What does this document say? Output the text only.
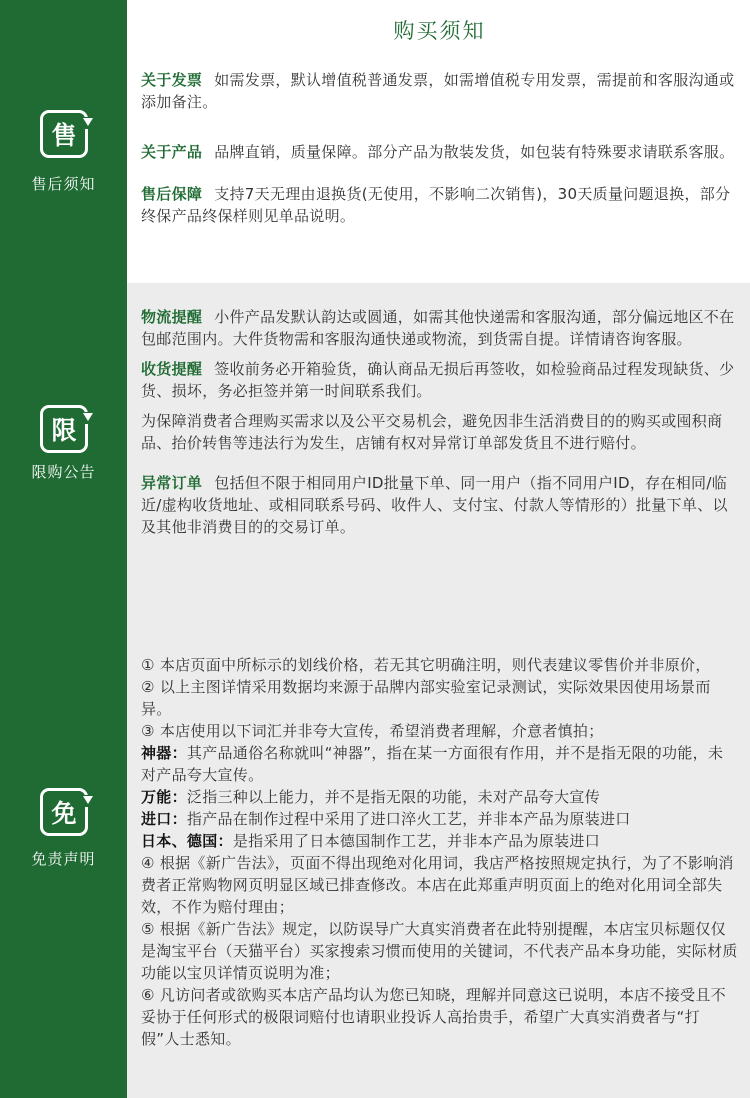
售
售后须知
购买须知
关于发票 如需发票，默认增值税普通发票，如需增值税专用发票，需提前和客服沟通或添加备注。
关于产品 品牌直销，质量保障。部分产品为散装发货，如包装有特殊要求请联系客服。
售后保障 支持7天无理由退换货(无使用，不影响二次销售)，30天质量问题退换，部分终保产品终保样则见单品说明。
限
限购公告
物流提醒 小件产品发默认韵达或圆通，如需其他快递需和客服沟通，部分偏远地区不在包邮范围内。大件货物需和客服沟通快递或物流，到货需自提。详情请咨询客服。
收货提醒 签收前务必开箱验货，确认商品无损后再签收，如检验商品过程发现缺货、少货、损坏，务必拒签并第一时间联系我们。
为保障消费者合理购买需求以及公平交易机会，避免因非生活消费目的的购买或囤积商品、抬价转售等违法行为发生，店铺有权对异常订单部发货且不进行赔付。
异常订单 包括但不限于相同用户ID批量下单、同一用户（指不同用户ID，存在相同/临近/虚构收货地址、或相同联系号码、收件人、支付宝、付款人等情形的）批量下单、以及其他非消费目的的交易订单。
免
免责声明
① 本店页面中所标示的划线价格，若无其它明确注明，则代表建议零售价并非原价，
② 以上主图详情采用数据均来源于品牌内部实验室记录测试，实际效果因使用场景而异。
③ 本店使用以下词汇并非夸大宣传，希望消费者理解，介意者慎拍；
神器：其产品通俗名称就叫“神器”，指在某一方面很有作用，并不是指无限的功能，未对产品夸大宣传。
万能：泛指三种以上能力，并不是指无限的功能，未对产品夸大宣传
进口：指产品在制作过程中采用了进口淬火工艺，并非本产品为原装进口
日本、德国：是指采用了日本德国制作工艺，并非本产品为原装进口
④ 根据《新广告法》，页面不得出现绝对化用词，我店严格按照规定执行，为了不影响消费者正常购物网页明显区域已排查修改。本店在此郑重声明页面上的绝对化用词全部失效，不作为赔付理由；
⑤ 根据《新广告法》规定，以防误导广大真实消费者在此特别提醒，本店宝贝标题仅仅是淘宝平台（天猫平台）买家搜索习惯而使用的关键词，不代表产品本身功能，实际材质功能以宝贝详情页说明为准；
⑥ 凡访问者或欲购买本店产品均认为您已知晓，理解并同意这已说明，本店不接受且不妥协于任何形式的极限词赔付也请职业投诉人高抬贵手，希望广大真实消费者与“打假”人士悉知。
